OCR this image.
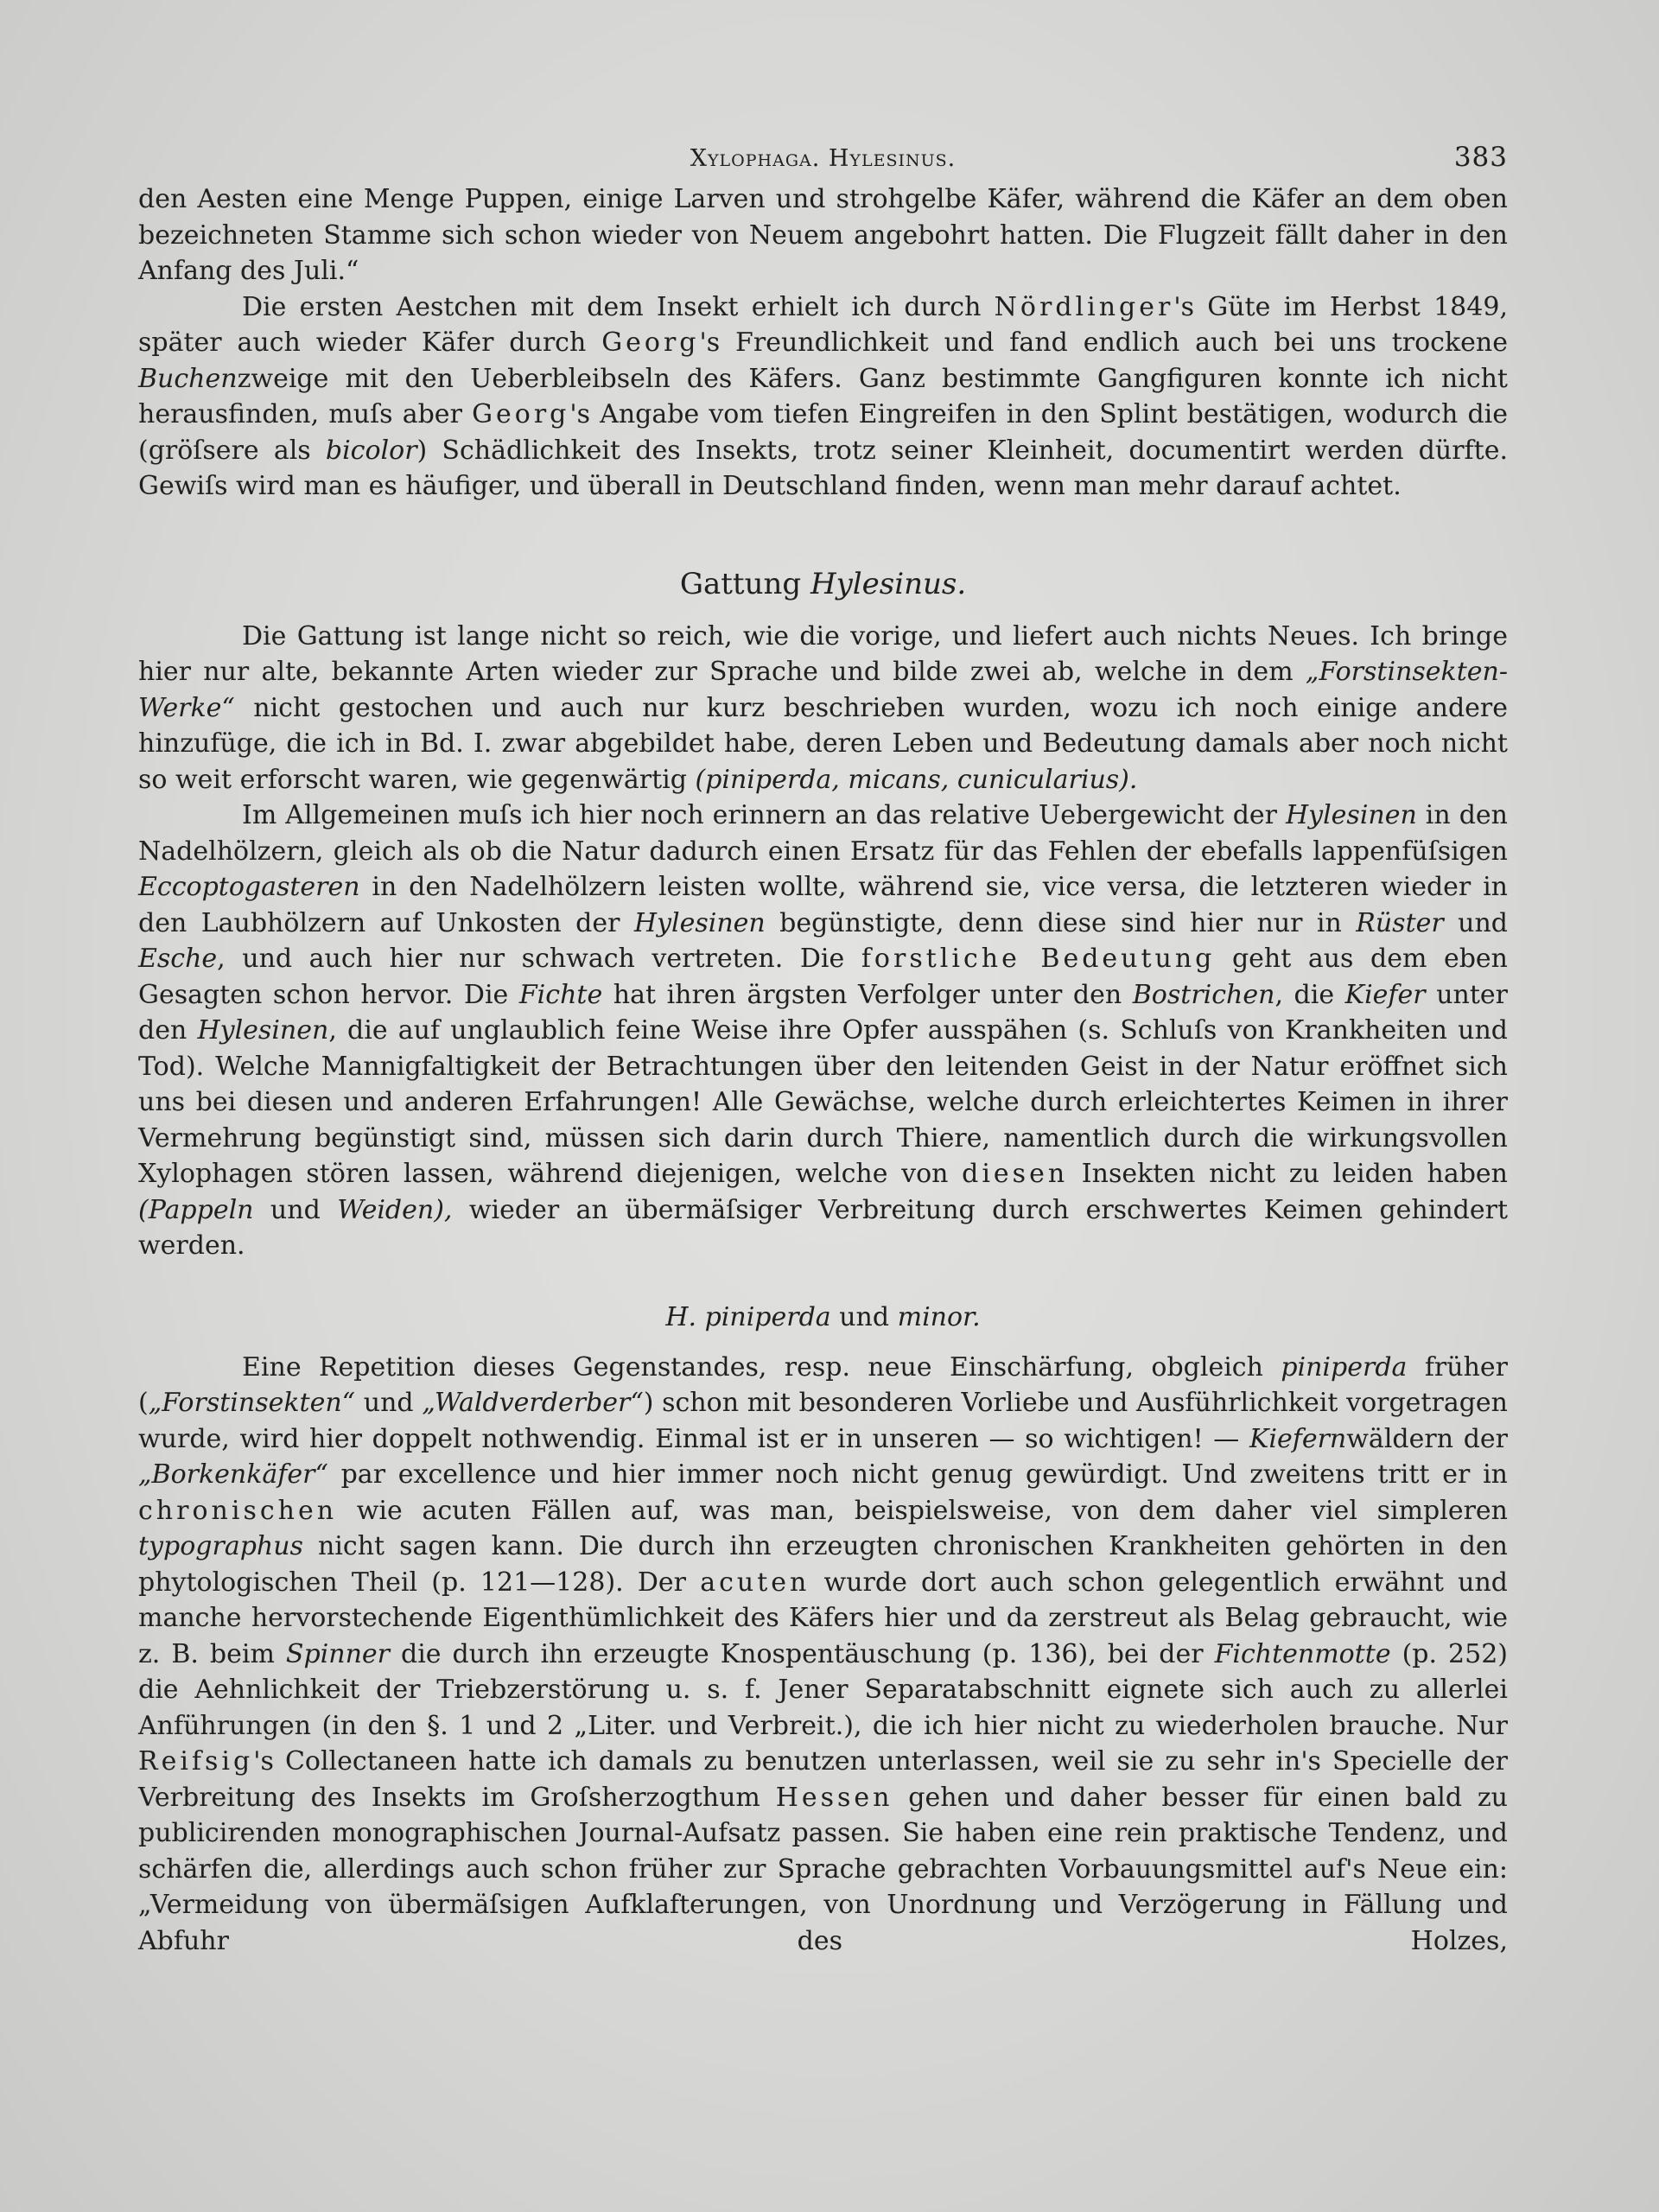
Xylophaga. Hylesinus.	383

den Aesten eine Menge Puppen, einige Larven und strohgelbe Käfer, während die Käfer an dem oben bezeichneten Stamme sich schon wieder von Neuem angebohrt hatten. Die Flugzeit fällt daher in den Anfang des Juli.“

Die ersten Aestchen mit dem Insekt erhielt ich durch Nördlinger's Güte im Herbst 1849, später auch wieder Käfer durch Georg's Freundlichkeit und fand endlich auch bei uns trockene Buchenzweige mit den Ueberbleibseln des Käfers. Ganz bestimmte Gangfiguren konnte ich nicht herausfinden, muſs aber Georg's Angabe vom tiefen Eingreifen in den Splint bestätigen, wodurch die (gröſsere als bicolor) Schädlichkeit des Insekts, trotz seiner Kleinheit, documentirt werden dürfte. Gewiſs wird man es häufiger, und überall in Deutschland finden, wenn man mehr darauf achtet.

Gattung Hylesinus.

Die Gattung ist lange nicht so reich, wie die vorige, und liefert auch nichts Neues. Ich bringe hier nur alte, bekannte Arten wieder zur Sprache und bilde zwei ab, welche in dem „Forstinsekten-Werke“ nicht gestochen und auch nur kurz beschrieben wurden, wozu ich noch einige andere hinzufüge, die ich in Bd. I. zwar abgebildet habe, deren Leben und Bedeutung damals aber noch nicht so weit erforscht waren, wie gegenwärtig (piniperda, micans, cunicularius).

Im Allgemeinen muſs ich hier noch erinnern an das relative Uebergewicht der Hylesinen in den Nadelhölzern, gleich als ob die Natur dadurch einen Ersatz für das Fehlen der ebefalls lappenfüſsigen Eccoptogasteren in den Nadelhölzern leisten wollte, während sie, vice versa, die letzteren wieder in den Laubhölzern auf Unkosten der Hylesinen begünstigte, denn diese sind hier nur in Rüster und Esche, und auch hier nur schwach vertreten. Die forstliche Bedeutung geht aus dem eben Gesagten schon hervor. Die Fichte hat ihren ärgsten Verfolger unter den Bostrichen, die Kiefer unter den Hylesinen, die auf unglaublich feine Weise ihre Opfer ausspähen (s. Schluſs von Krankheiten und Tod). Welche Mannigfaltigkeit der Betrachtungen über den leitenden Geist in der Natur eröffnet sich uns bei diesen und anderen Erfahrungen! Alle Gewächse, welche durch erleichtertes Keimen in ihrer Vermehrung begünstigt sind, müssen sich darin durch Thiere, namentlich durch die wirkungsvollen Xylophagen stören lassen, während diejenigen, welche von diesen Insekten nicht zu leiden haben (Pappeln und Weiden), wieder an übermäſsiger Verbreitung durch erschwertes Keimen gehindert werden.

H. piniperda und minor.

Eine Repetition dieses Gegenstandes, resp. neue Einschärfung, obgleich piniperda früher („Forstinsekten“ und „Waldverderber“) schon mit besonderen Vorliebe und Ausführlichkeit vorgetragen wurde, wird hier doppelt nothwendig. Einmal ist er in unseren — so wichtigen! — Kiefernwäldern der „Borkenkäfer“ par excellence und hier immer noch nicht genug gewürdigt. Und zweitens tritt er in chronischen wie acuten Fällen auf, was man, beispielsweise, von dem daher viel simpleren typographus nicht sagen kann. Die durch ihn erzeugten chronischen Krankheiten gehörten in den phytologischen Theil (p. 121—128). Der acuten wurde dort auch schon gelegentlich erwähnt und manche hervorstechende Eigenthümlichkeit des Käfers hier und da zerstreut als Belag gebraucht, wie z. B. beim Spinner die durch ihn erzeugte Knospentäuschung (p. 136), bei der Fichtenmotte (p. 252) die Aehnlichkeit der Triebzerstörung u. s. f. Jener Separatabschnitt eignete sich auch zu allerlei Anführungen (in den §. 1 und 2 „Liter. und Verbreit.), die ich hier nicht zu wiederholen brauche. Nur Reifsig's Collectaneen hatte ich damals zu benutzen unterlassen, weil sie zu sehr in's Specielle der Verbreitung des Insekts im Groſsherzogthum Hessen gehen und daher besser für einen bald zu publicirenden monographischen Journal-Aufsatz passen. Sie haben eine rein praktische Tendenz, und schärfen die, allerdings auch schon früher zur Sprache gebrachten Vorbauungsmittel auf's Neue ein: „Vermeidung von übermäſsigen Aufklafterungen, von Unordnung und Verzögerung in Fällung und Abfuhr des Holzes,
